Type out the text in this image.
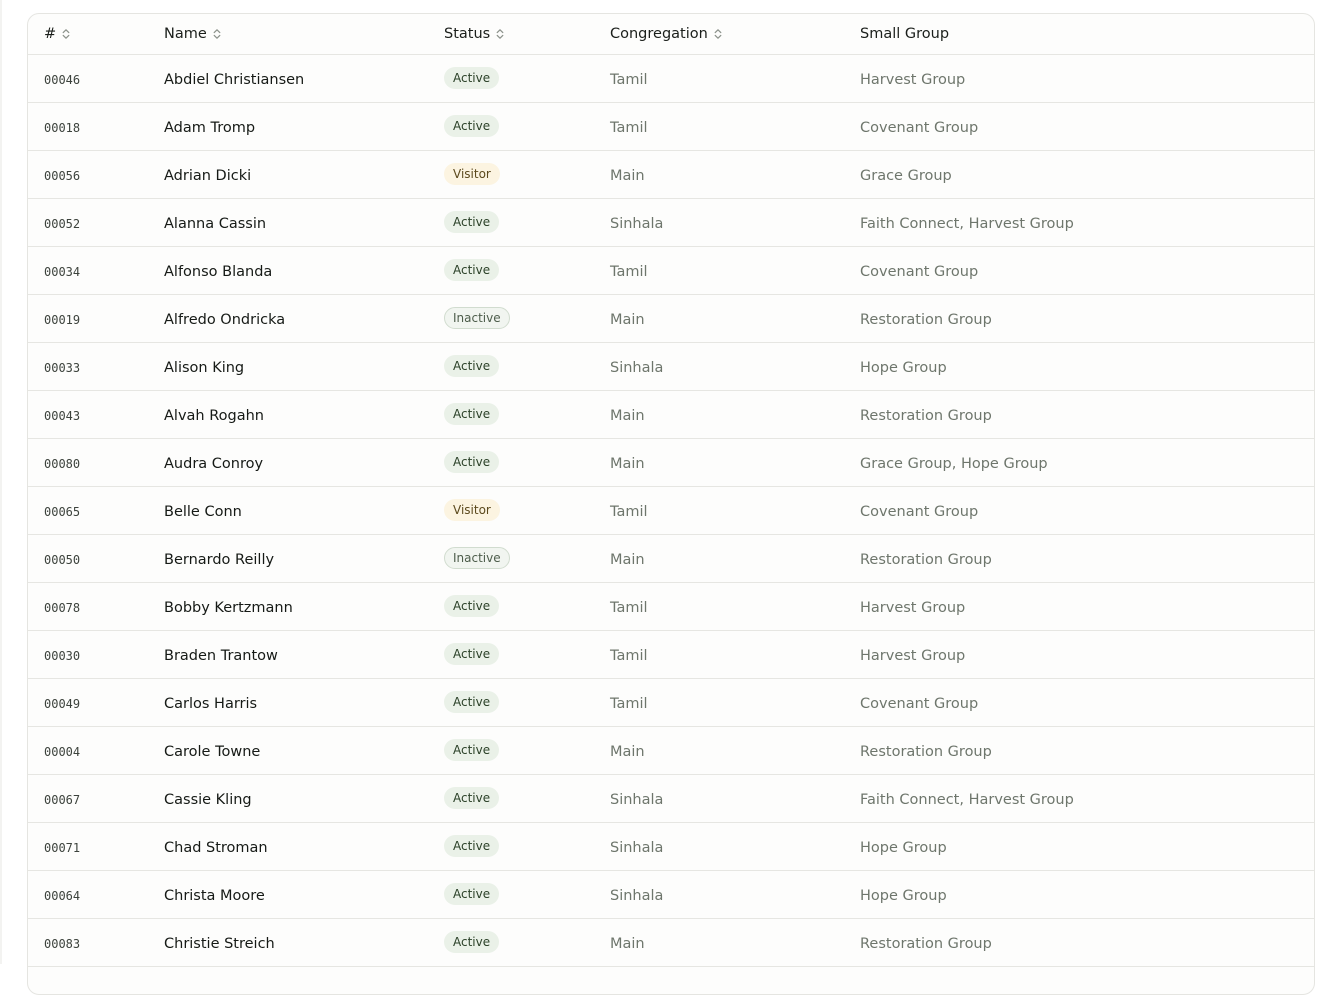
#	Name	Status	Congregation	Small Group
00046	Abdiel Christiansen	Active	Tamil	Harvest Group
00018	Adam Tromp	Active	Tamil	Covenant Group
00056	Adrian Dicki	Visitor	Main	Grace Group
00052	Alanna Cassin	Active	Sinhala	Faith Connect, Harvest Group
00034	Alfonso Blanda	Active	Tamil	Covenant Group
00019	Alfredo Ondricka	Inactive	Main	Restoration Group
00033	Alison King	Active	Sinhala	Hope Group
00043	Alvah Rogahn	Active	Main	Restoration Group
00080	Audra Conroy	Active	Main	Grace Group, Hope Group
00065	Belle Conn	Visitor	Tamil	Covenant Group
00050	Bernardo Reilly	Inactive	Main	Restoration Group
00078	Bobby Kertzmann	Active	Tamil	Harvest Group
00030	Braden Trantow	Active	Tamil	Harvest Group
00049	Carlos Harris	Active	Tamil	Covenant Group
00004	Carole Towne	Active	Main	Restoration Group
00067	Cassie Kling	Active	Sinhala	Faith Connect, Harvest Group
00071	Chad Stroman	Active	Sinhala	Hope Group
00064	Christa Moore	Active	Sinhala	Hope Group
00083	Christie Streich	Active	Main	Restoration Group
